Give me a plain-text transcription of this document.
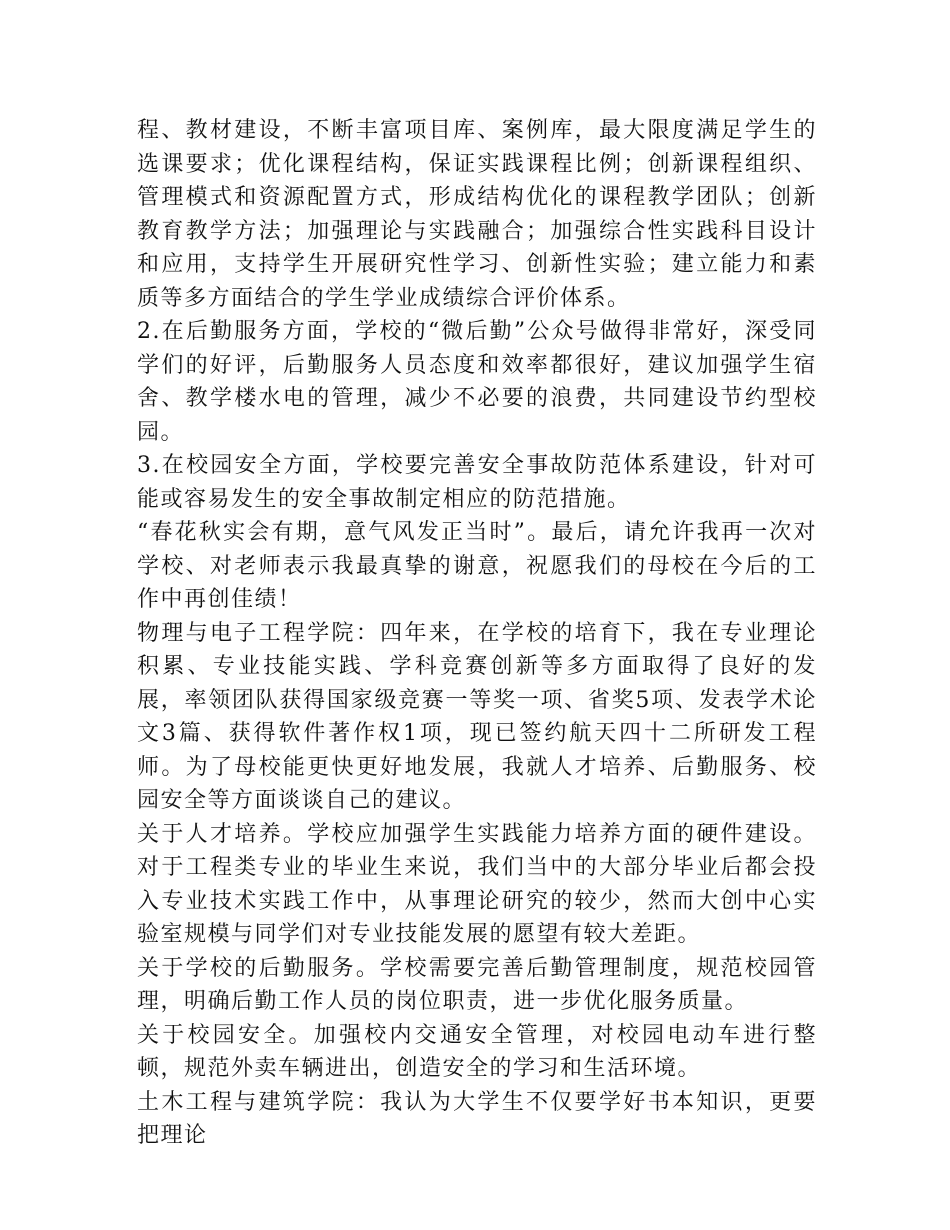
程、教材建设，不断丰富项目库、案例库，最大限度满足学生的选课要求；优化课程结构，保证实践课程比例；创新课程组织、管理模式和资源配置方式，形成结构优化的课程教学团队；创新教育教学方法；加强理论与实践融合；加强综合性实践科目设计和应用，支持学生开展研究性学习、创新性实验；建立能力和素质等多方面结合的学生学业成绩综合评价体系。

2.在后勤服务方面，学校的“微后勤”公众号做得非常好，深受同学们的好评，后勤服务人员态度和效率都很好，建议加强学生宿舍、教学楼水电的管理，减少不必要的浪费，共同建设节约型校园。

3.在校园安全方面，学校要完善安全事故防范体系建设，针对可能或容易发生的安全事故制定相应的防范措施。

“春花秋实会有期，意气风发正当时”。最后，请允许我再一次对学校、对老师表示我最真挚的谢意，祝愿我们的母校在今后的工作中再创佳绩！

物理与电子工程学院：四年来，在学校的培育下，我在专业理论积累、专业技能实践、学科竞赛创新等多方面取得了良好的发展，率领团队获得国家级竞赛一等奖一项、省奖5项、发表学术论文3篇、获得软件著作权1项，现已签约航天四十二所研发工程师。为了母校能更快更好地发展，我就人才培养、后勤服务、校园安全等方面谈谈自己的建议。

关于人才培养。学校应加强学生实践能力培养方面的硬件建设。对于工程类专业的毕业生来说，我们当中的大部分毕业后都会投入专业技术实践工作中，从事理论研究的较少，然而大创中心实验室规模与同学们对专业技能发展的愿望有较大差距。

关于学校的后勤服务。学校需要完善后勤管理制度，规范校园管理，明确后勤工作人员的岗位职责，进一步优化服务质量。

关于校园安全。加强校内交通安全管理，对校园电动车进行整顿，规范外卖车辆进出，创造安全的学习和生活环境。

土木工程与建筑学院：我认为大学生不仅要学好书本知识，更要把理论
